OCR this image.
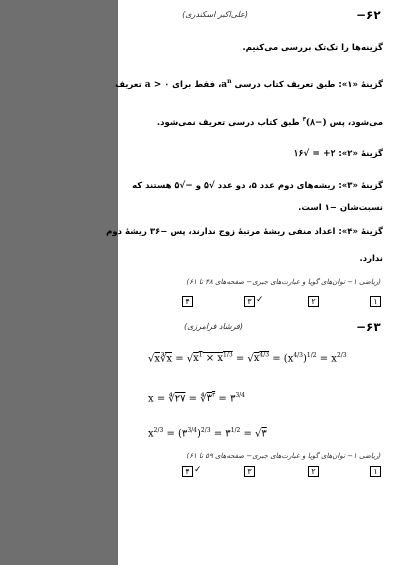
−۶۲
(علی‌اکبر اسکندری)
گزینه‌ها را تک‌تک بررسی می‌کنیم.
گزینهٔ «۱»: طبق تعریف کتاب درسی $a^n،$ فقط برای a > ۰ تعریف
می‌شود، پس (−۸)$^۳$ طبق کتاب درسی تعریف نمی‌شود.
گزینهٔ «۲»: ۲+ = √۱۶
گزینهٔ «۳»: ریشه‌های دوم عدد ۵، دو عدد √۵ و −√۵ هستند که
نسبت‌شان −۱ است.
گزینهٔ «۴»: اعداد منفی ریشهٔ مرتبهٔ زوج ندارند، پس −۳۶ ریشهٔ دوم
ندارد.
(ریاضی ۱− توان‌های گویا و عبارت‌های جبری− صفحه‌های ۴۸ تا ۶۱)
۱
۲
۳ ✓
۴
−۶۳
(فرشاد فرامرزی)
√x∛x = $√x^1 \times x^{1/3} = √x^{4/3} = (x^{4/3})^{1/2} = x^{2/3}$
x = ∜۲۷ = $∜۳^۳$ = $۳^{3/4}$
$x^{2/3}$ = $(۳^{3/4})^{2/3}$ = $۳^{1/2}$ = √۳
(ریاضی ۱− توان‌های گویا و عبارت‌های جبری− صفحه‌های ۵۹ تا ۶۱)
۱
۲
۳
۴ ✓
